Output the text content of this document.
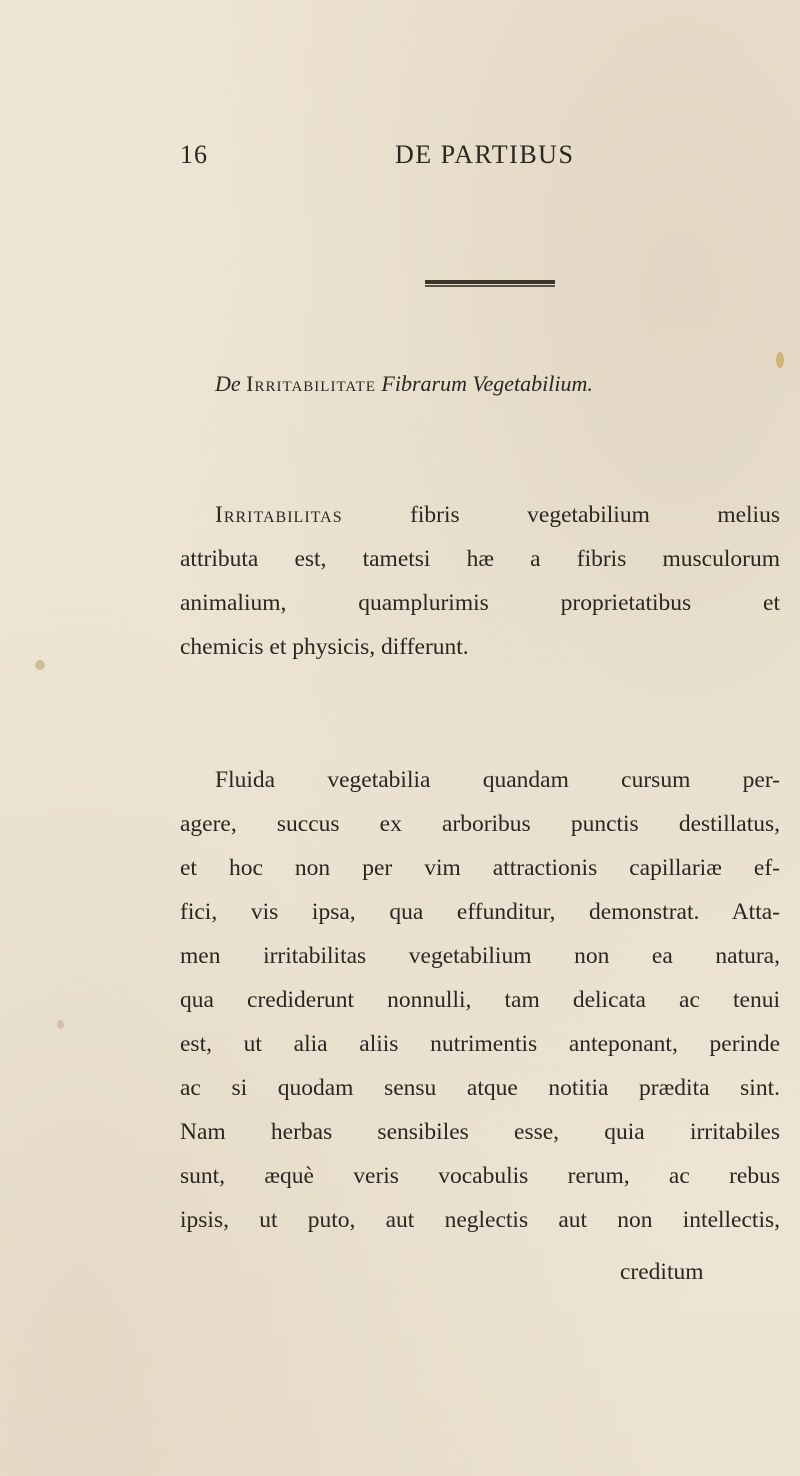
16	DE PARTIBUS
De Irritabilitate Fibrarum Vegetabilium.
Irritabilitas fibris vegetabilium melius
attributa est, tametsi hæ a fibris musculorum
animalium, quamplurimis proprietatibus et
chemicis et physicis, differunt.
Fluida vegetabilia quandam cursum per-
agere, succus ex arboribus punctis destillatus,
et hoc non per vim attractionis capillariæ ef-
fici, vis ipsa, qua effunditur, demonstrat. Atta-
men irritabilitas vegetabilium non ea natura,
qua crediderunt nonnulli, tam delicata ac tenui
est, ut alia aliis nutrimentis anteponant, perinde
ac si quodam sensu atque notitia prædita sint.
Nam herbas sensibiles esse, quia irritabiles
sunt, æquè veris vocabulis rerum, ac rebus
ipsis, ut puto, aut neglectis aut non intellectis,
creditum
